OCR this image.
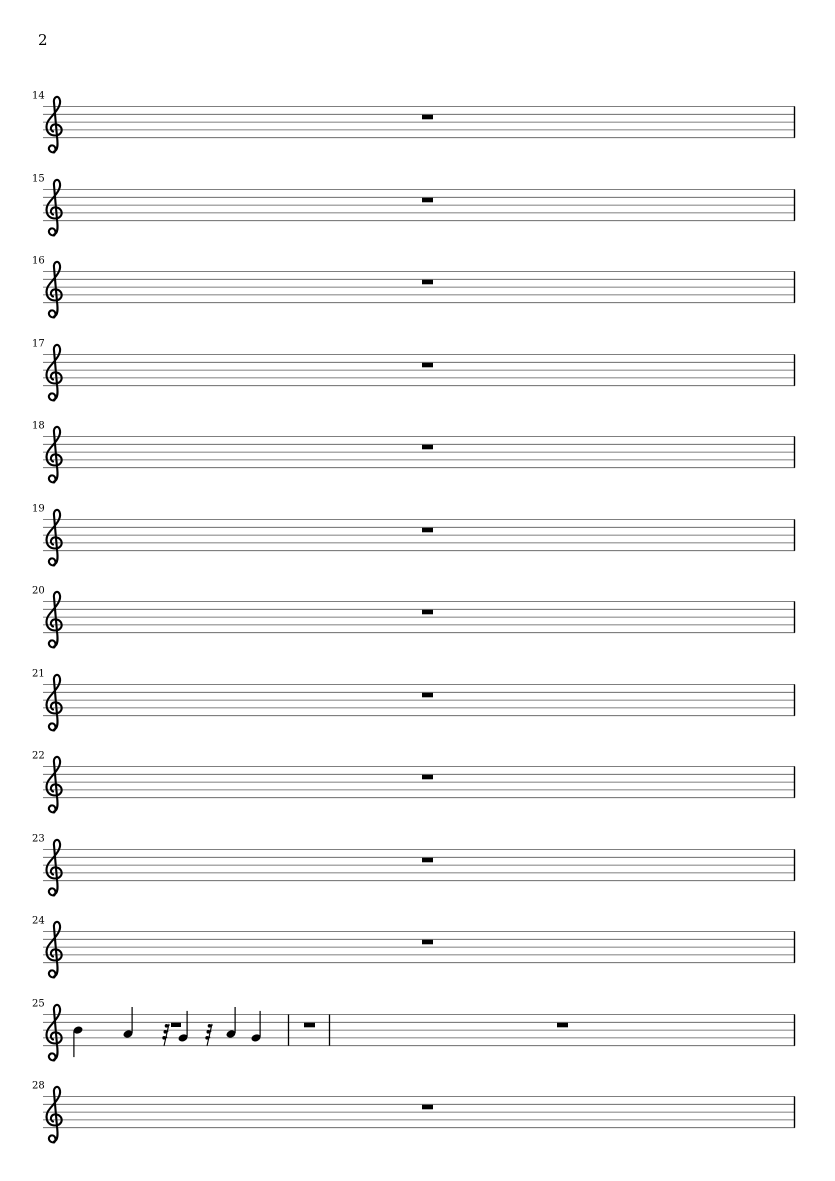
2
14
15
16
17
18
19
20
21
22
23
24
25
28
